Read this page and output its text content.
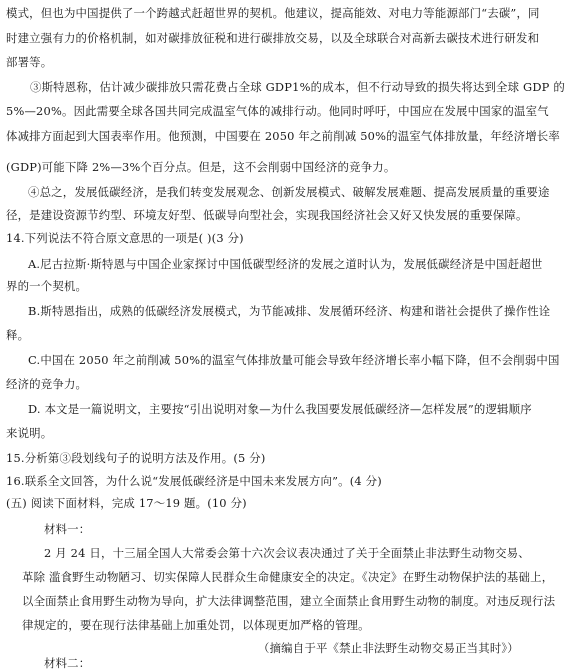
模式，但也为中国提供了一个跨越式赶超世界的契机。他建议，提高能效、对电力等能源部门“去碳”，同
时建立强有力的价格机制，如对碳排放征税和进行碳排放交易，以及全球联合对高新去碳技术进行研发和
部署等。
③斯特恩称，估计减少碳排放只需花费占全球 GDP1%的成本，但不行动导致的损失将达到全球 GDP 的
5%—20%。因此需要全球各国共同完成温室气体的减排行动。他同时呼吁，中国应在发展中国家的温室气
体减排方面起到大国表率作用。他预测，中国要在 2050 年之前削减 50%的温室气体排放量，年经济增长率
(GDP)可能下降 2%—3%个百分点。但是，这不会削弱中国经济的竞争力。
④总之，发展低碳经济，是我们转变发展观念、创新发展模式、破解发展难题、提高发展质量的重要途
径，是建设资源节约型、环境友好型、低碳导向型社会，实现我国经济社会又好又快发展的重要保障。
14.下列说法不符合原文意思的一项是( )(3 分)
A.尼古拉斯·斯特恩与中国企业家探讨中国低碳型经济的发展之道时认为，发展低碳经济是中国赶超世
界的一个契机。
B.斯特恩指出，成熟的低碳经济发展模式，为节能减排、发展循环经济、构建和谐社会提供了操作性诠
释。
C.中国在 2050 年之前削减 50%的温室气体排放量可能会导致年经济增长率小幅下降，但不会削弱中国
经济的竞争力。
D. 本文是一篇说明文，主要按“引出说明对象—为什么我国要发展低碳经济—怎样发展”的逻辑顺序
来说明。
15.分析第③段划线句子的说明方法及作用。(5 分)
16.联系全文回答，为什么说“发展低碳经济是中国未来发展方向”。(4 分)
(五) 阅读下面材料，完成 17～19 题。(10 分)
材料一：
2 月 24 日，十三届全国人大常委会第十六次会议表决通过了关于全面禁止非法野生动物交易、
革除 滥食野生动物陋习、切实保障人民群众生命健康安全的决定。《决定》在野生动物保护法的基础上，
以全面禁止食用野生动物为导向，扩大法律调整范围，建立全面禁止食用野生动物的制度。对违反现行法
律规定的，要在现行法律基础上加重处罚，以体现更加严格的管理。
（摘编自于平《禁止非法野生动物交易正当其时》）
材料二：
